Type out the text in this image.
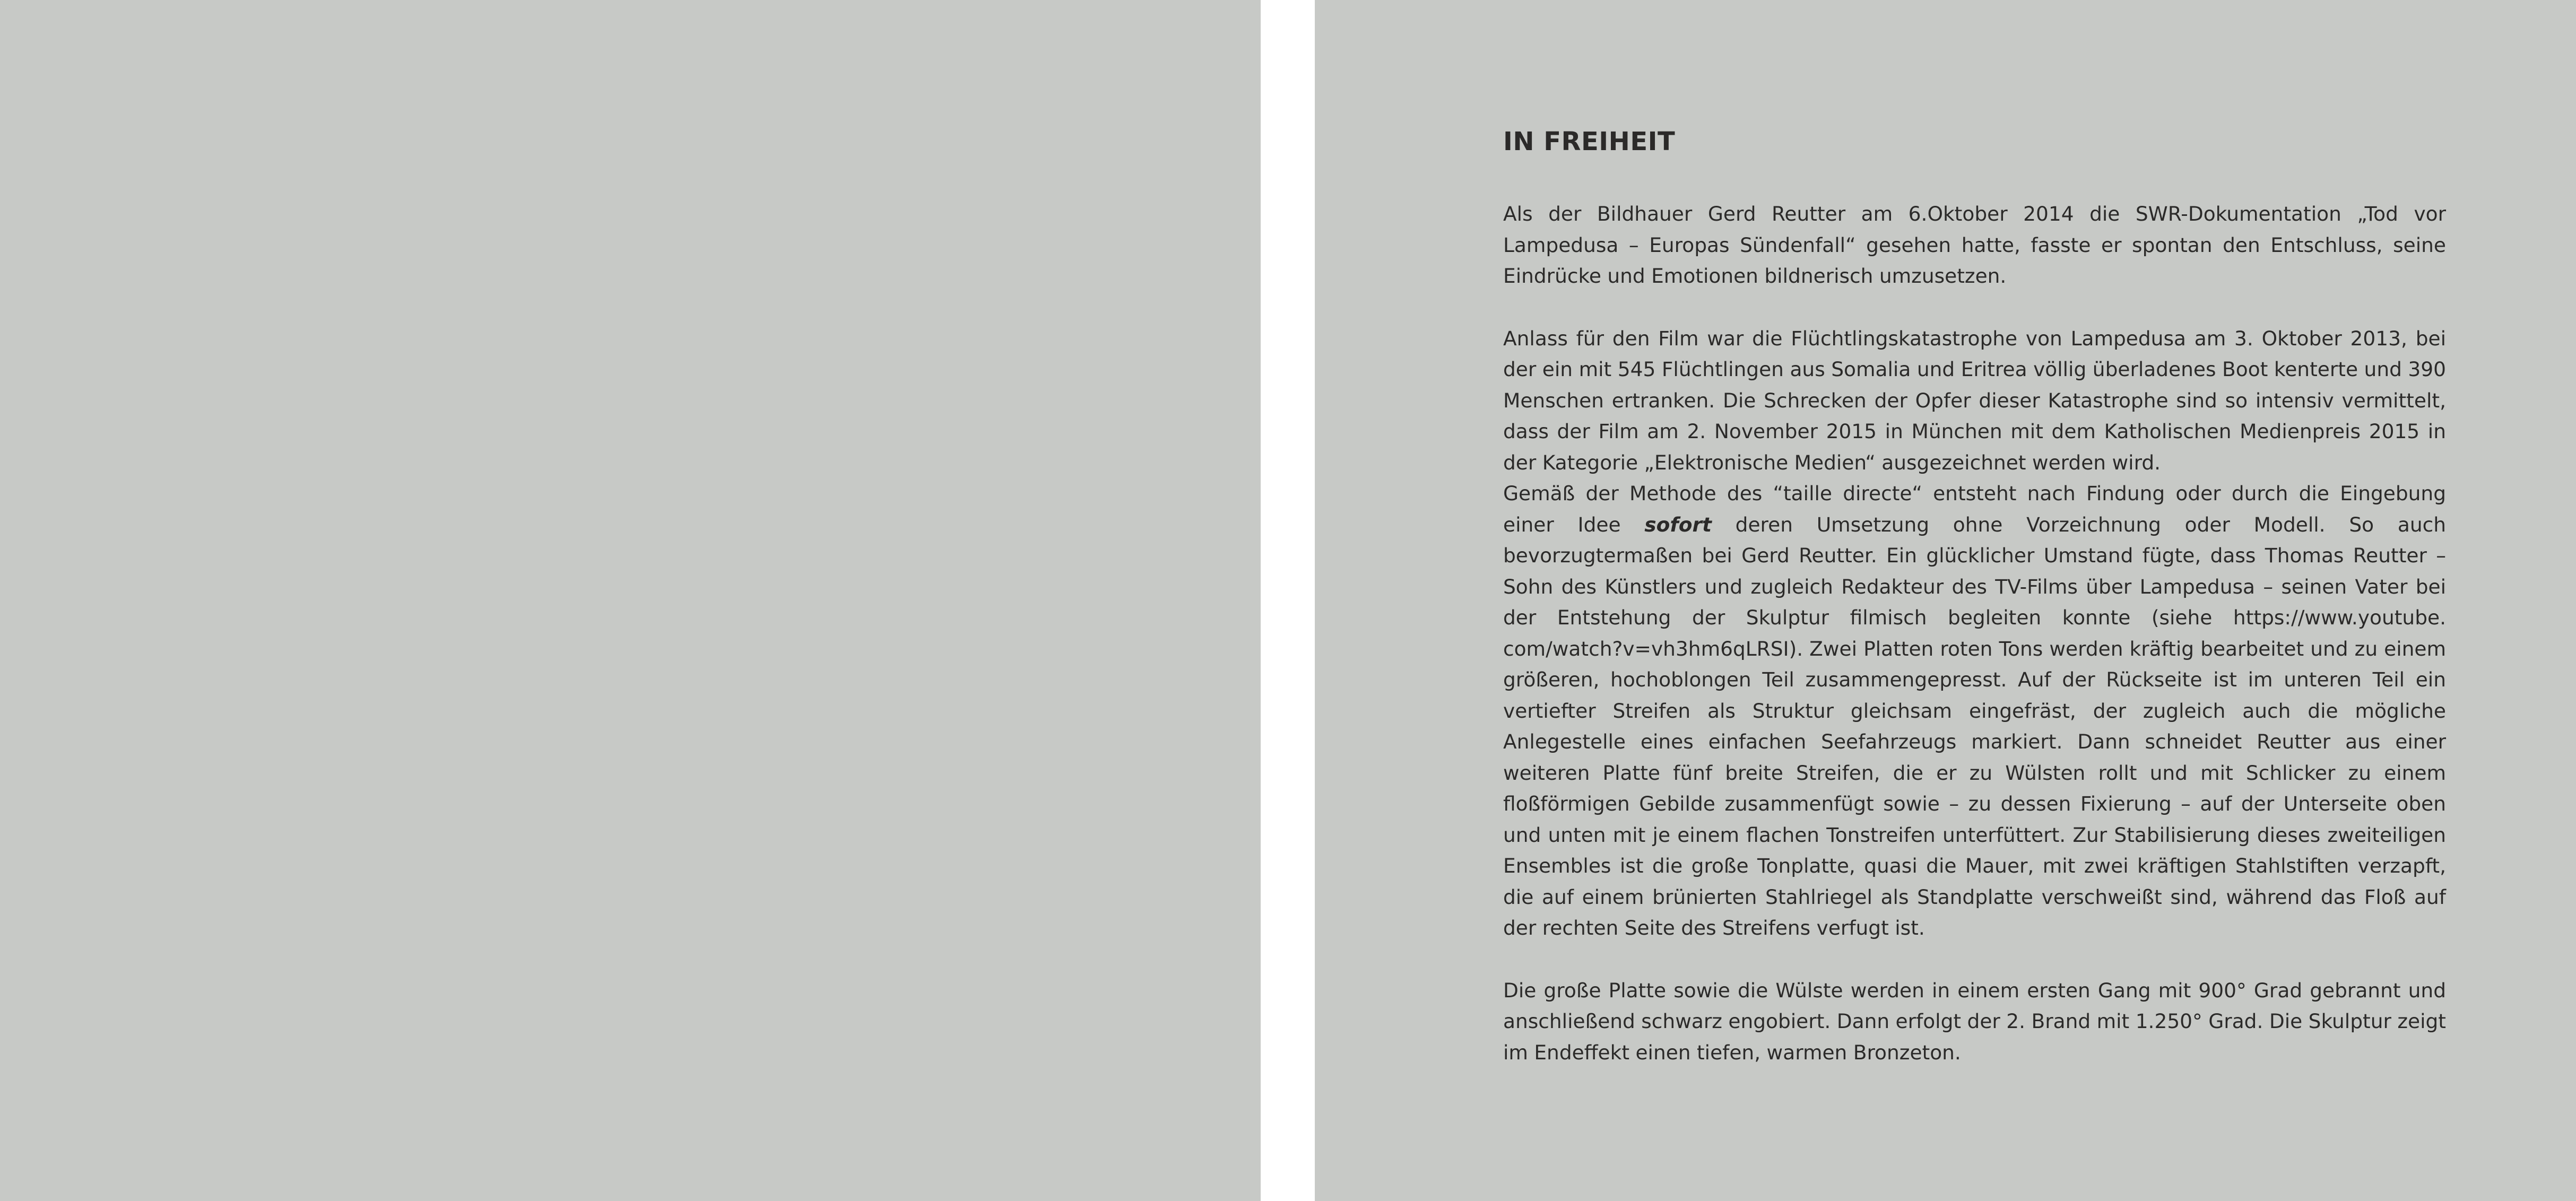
IN FREIHEIT

Als der Bildhauer Gerd Reutter am 6.Oktober 2014 die SWR-Dokumentation „Tod vor Lampedusa – Europas Sündenfall“ gesehen hatte, fasste er spontan den Entschluss, seine Eindrücke und Emotionen bildnerisch umzusetzen.

Anlass für den Film war die Flüchtlingskatastrophe von Lampedusa am 3. Oktober 2013, bei der ein mit 545 Flüchtlingen aus Somalia und Eritrea völlig überladenes Boot kenterte und 390 Menschen ertranken. Die Schrecken der Opfer dieser Katastrophe sind so intensiv vermittelt, dass der Film am 2. November 2015 in München mit dem Katholischen Medienpreis 2015 in der Kategorie „Elektronische Medien“ ausgezeichnet werden wird.

Gemäß der Methode des “taille directe“ entsteht nach Findung oder durch die Eingebung einer Idee sofort deren Umsetzung ohne Vorzeichnung oder Modell. So auch bevorzugtermaßen bei Gerd Reutter. Ein glücklicher Umstand fügte, dass Thomas Reutter – Sohn des Künstlers und zugleich Redakteur des TV-Films über Lampedusa – seinen Vater bei der Entstehung der Skulptur filmisch begleiten konnte (siehe https://www.youtube. com/watch?v=vh3hm6qLRSI). Zwei Platten roten Tons werden kräftig bearbeitet und zu einem größeren, hochoblongen Teil zusammengepresst. Auf der Rückseite ist im unteren Teil ein vertiefter Streifen als Struktur gleichsam eingefräst, der zugleich auch die mögliche Anlegestelle eines einfachen Seefahrzeugs markiert. Dann schneidet Reutter aus einer weiteren Platte fünf breite Streifen, die er zu Wülsten rollt und mit Schlicker zu einem floßförmigen Gebilde zusammenfügt sowie – zu dessen Fixierung – auf der Unterseite oben und unten mit je einem flachen Tonstreifen unterfüttert. Zur Stabilisierung dieses zweiteiligen Ensembles ist die große Tonplatte, quasi die Mauer, mit zwei kräftigen Stahlstiften verzapft, die auf einem brünierten Stahlriegel als Standplatte verschweißt sind, während das Floß auf der rechten Seite des Streifens verfugt ist.

Die große Platte sowie die Wülste werden in einem ersten Gang mit 900° Grad gebrannt und anschließend schwarz engobiert. Dann erfolgt der 2. Brand mit 1.250° Grad. Die Skulptur zeigt im Endeffekt einen tiefen, warmen Bronzeton.
